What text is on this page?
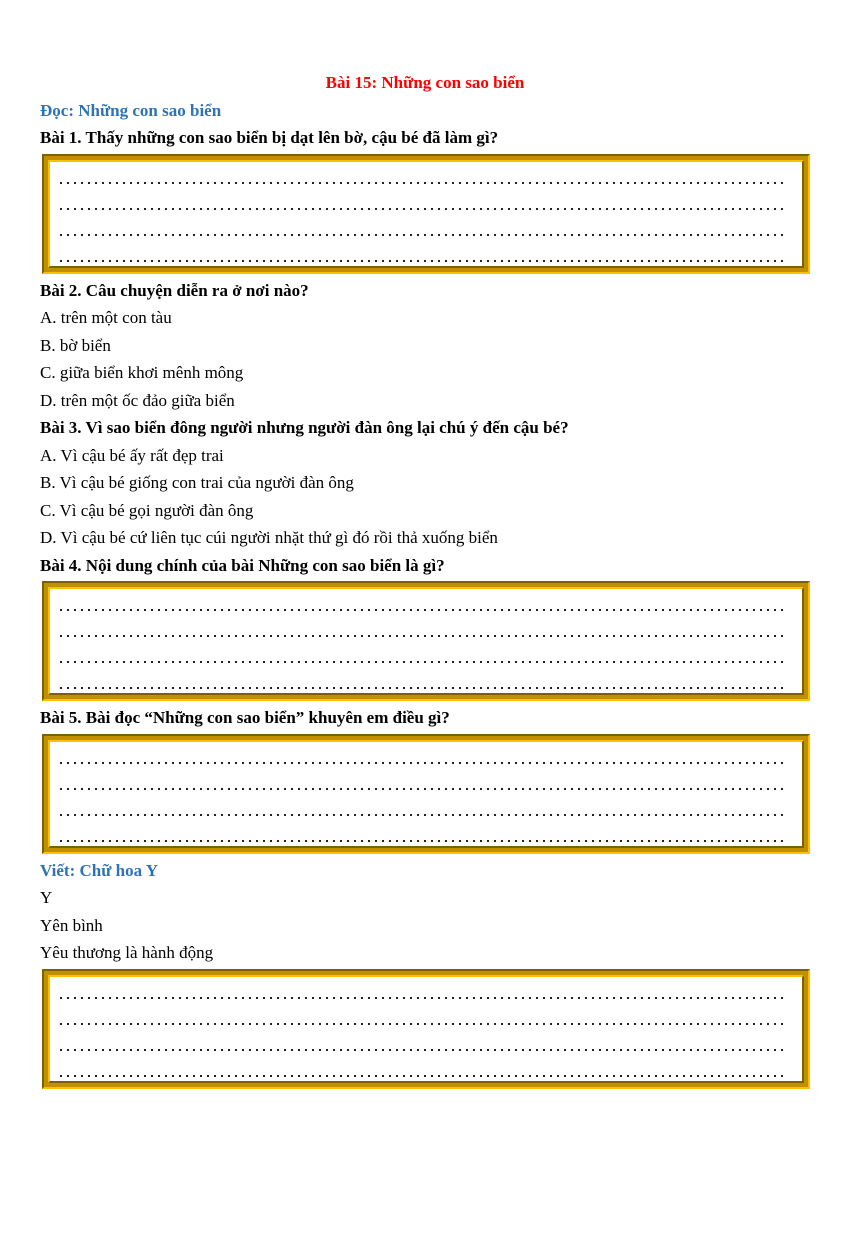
Bài 15: Những con sao biển
Đọc: Những con sao biển
Bài 1. Thấy những con sao biển bị dạt lên bờ, cậu bé đã làm gì?
Bài 2. Câu chuyện diễn ra ở nơi nào?
A. trên một con tàu
B. bờ biển
C. giữa biển khơi mênh mông
D. trên một ốc đảo giữa biển
Bài 3. Vì sao biển đông người nhưng người đàn ông lại chú ý đến cậu bé?
A. Vì cậu bé ấy rất đẹp trai
B. Vì cậu bé giống con trai của người đàn ông
C. Vì cậu bé gọi người đàn ông
D. Vì cậu bé cứ liên tục cúi người nhặt thứ gì đó rồi thả xuống biển
Bài 4. Nội dung chính của bài Những con sao biển là gì?
Bài 5. Bài đọc “Những con sao biển” khuyên em điều gì?
Viết: Chữ hoa Y
Y
Yên bình
Yêu thương là hành động
